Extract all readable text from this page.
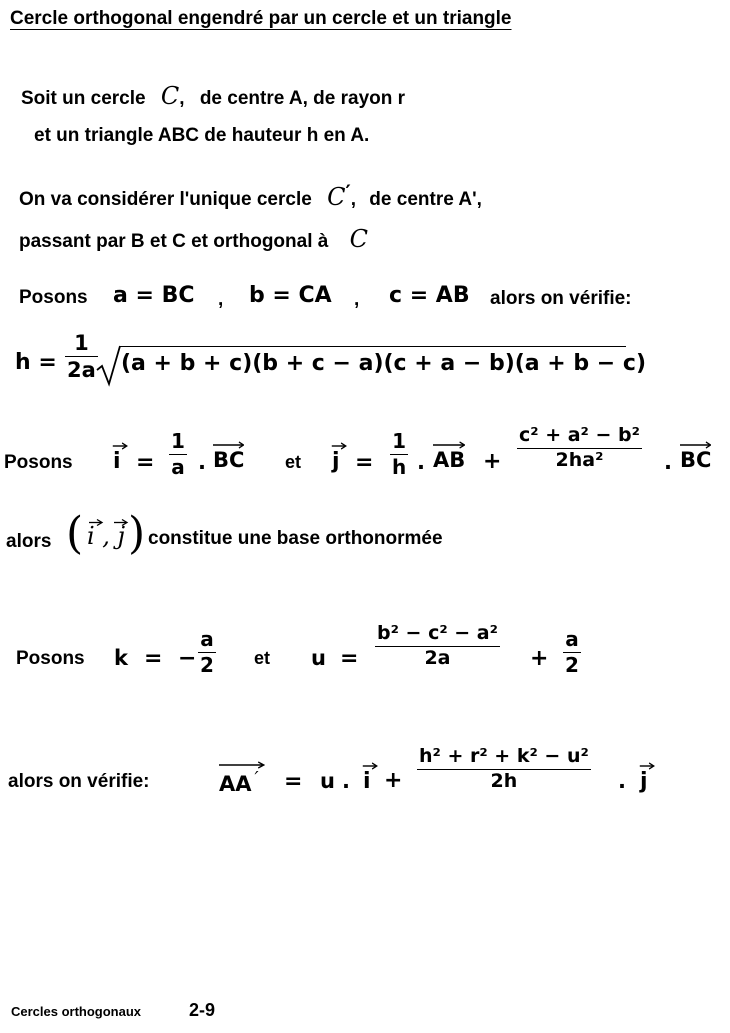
Cercle orthogonal engendré par un cercle et un triangle
Soit un cercle C, de centre A, de rayon r
et un triangle ABC de hauteur h en A.
On va considérer l'unique cercle C′, de centre A',
passant par B et C et orthogonal à C
Posons a = BC , b = CA , c = AB alors on vérifie:
h =
1
2a (a + b + c)(b + c − a)(c + a − b)(a + b − c)
Posons i =
1
a . BC et j =
1
h . AB +
c² + a² − b²
2ha²	. BC
alors ( i , j ) constitue une base orthonormée
Posons k = −
a
2 et u =
b² − c² − a²
2a	+
a
2
alors on vérifie:	AA ′ = u . i +
h² + r² + k² − u²
2h	. j
Cercles orthogonaux	2-9
